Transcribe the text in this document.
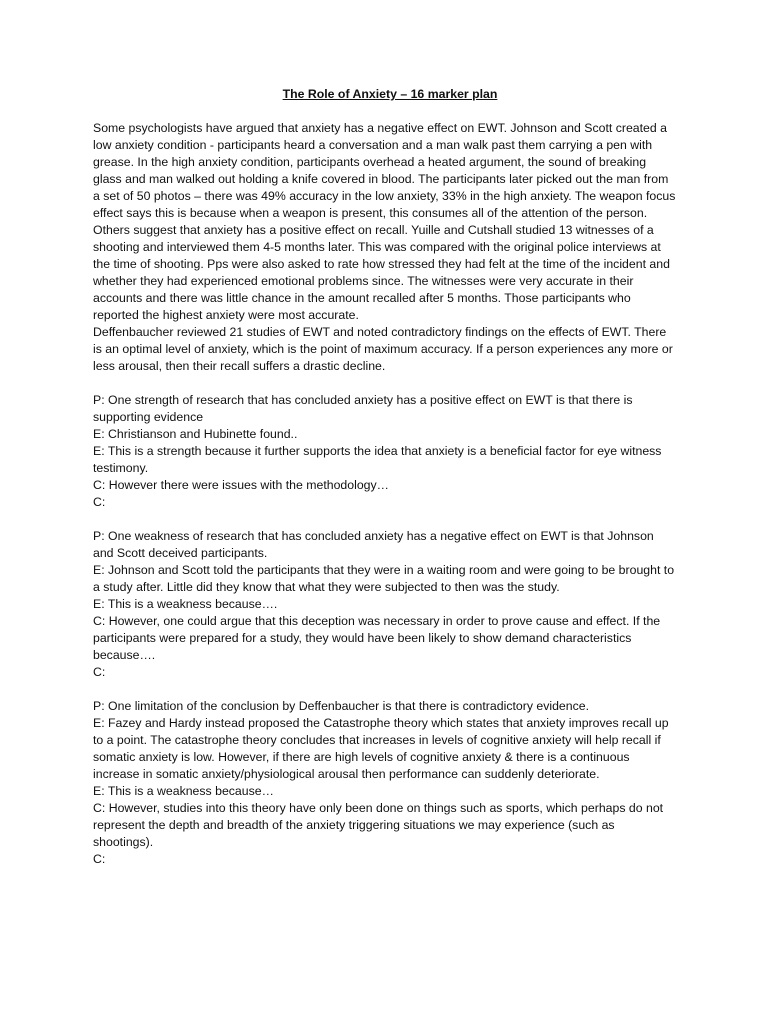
The Role of Anxiety – 16 marker plan

Some psychologists have argued that anxiety has a negative effect on EWT. Johnson and Scott created a low anxiety condition - participants heard a conversation and a man walk past them carrying a pen with grease. In the high anxiety condition, participants overhead a heated argument, the sound of breaking glass and man walked out holding a knife covered in blood. The participants later picked out the man from a set of 50 photos – there was 49% accuracy in the low anxiety, 33% in the high anxiety. The weapon focus effect says this is because when a weapon is present, this consumes all of the attention of the person.

Others suggest that anxiety has a positive effect on recall. Yuille and Cutshall studied 13 witnesses of a shooting and interviewed them 4-5 months later. This was compared with the original police interviews at the time of shooting. Pps were also asked to rate how stressed they had felt at the time of the incident and whether they had experienced emotional problems since. The witnesses were very accurate in their accounts and there was little chance in the amount recalled after 5 months. Those participants who reported the highest anxiety were most accurate.

Deffenbaucher reviewed 21 studies of EWT and noted contradictory findings on the effects of EWT. There is an optimal level of anxiety, which is the point of maximum accuracy. If a person experiences any more or less arousal, then their recall suffers a drastic decline.

P: One strength of research that has concluded anxiety has a positive effect on EWT is that there is supporting evidence

E: Christianson and Hubinette found..

E: This is a strength because it further supports the idea that anxiety is a beneficial factor for eye witness testimony.

C: However there were issues with the methodology…

C:

P: One weakness of research that has concluded anxiety has a negative effect on EWT is that Johnson and Scott deceived participants.

E: Johnson and Scott told the participants that they were in a waiting room and were going to be brought to a study after. Little did they know that what they were subjected to then was the study.

E: This is a weakness because….

C: However, one could argue that this deception was necessary in order to prove cause and effect. If the participants were prepared for a study, they would have been likely to show demand characteristics because….

C:

P: One limitation of the conclusion by Deffenbaucher is that there is contradictory evidence.

E: Fazey and Hardy instead proposed the Catastrophe theory which states that anxiety improves recall up to a point. The catastrophe theory concludes that increases in levels of cognitive anxiety will help recall if somatic anxiety is low. However, if there are high levels of cognitive anxiety & there is a continuous increase in somatic anxiety/physiological arousal then performance can suddenly deteriorate.

E: This is a weakness because…

C: However, studies into this theory have only been done on things such as sports, which perhaps do not represent the depth and breadth of the anxiety triggering situations we may experience (such as shootings).

C:
